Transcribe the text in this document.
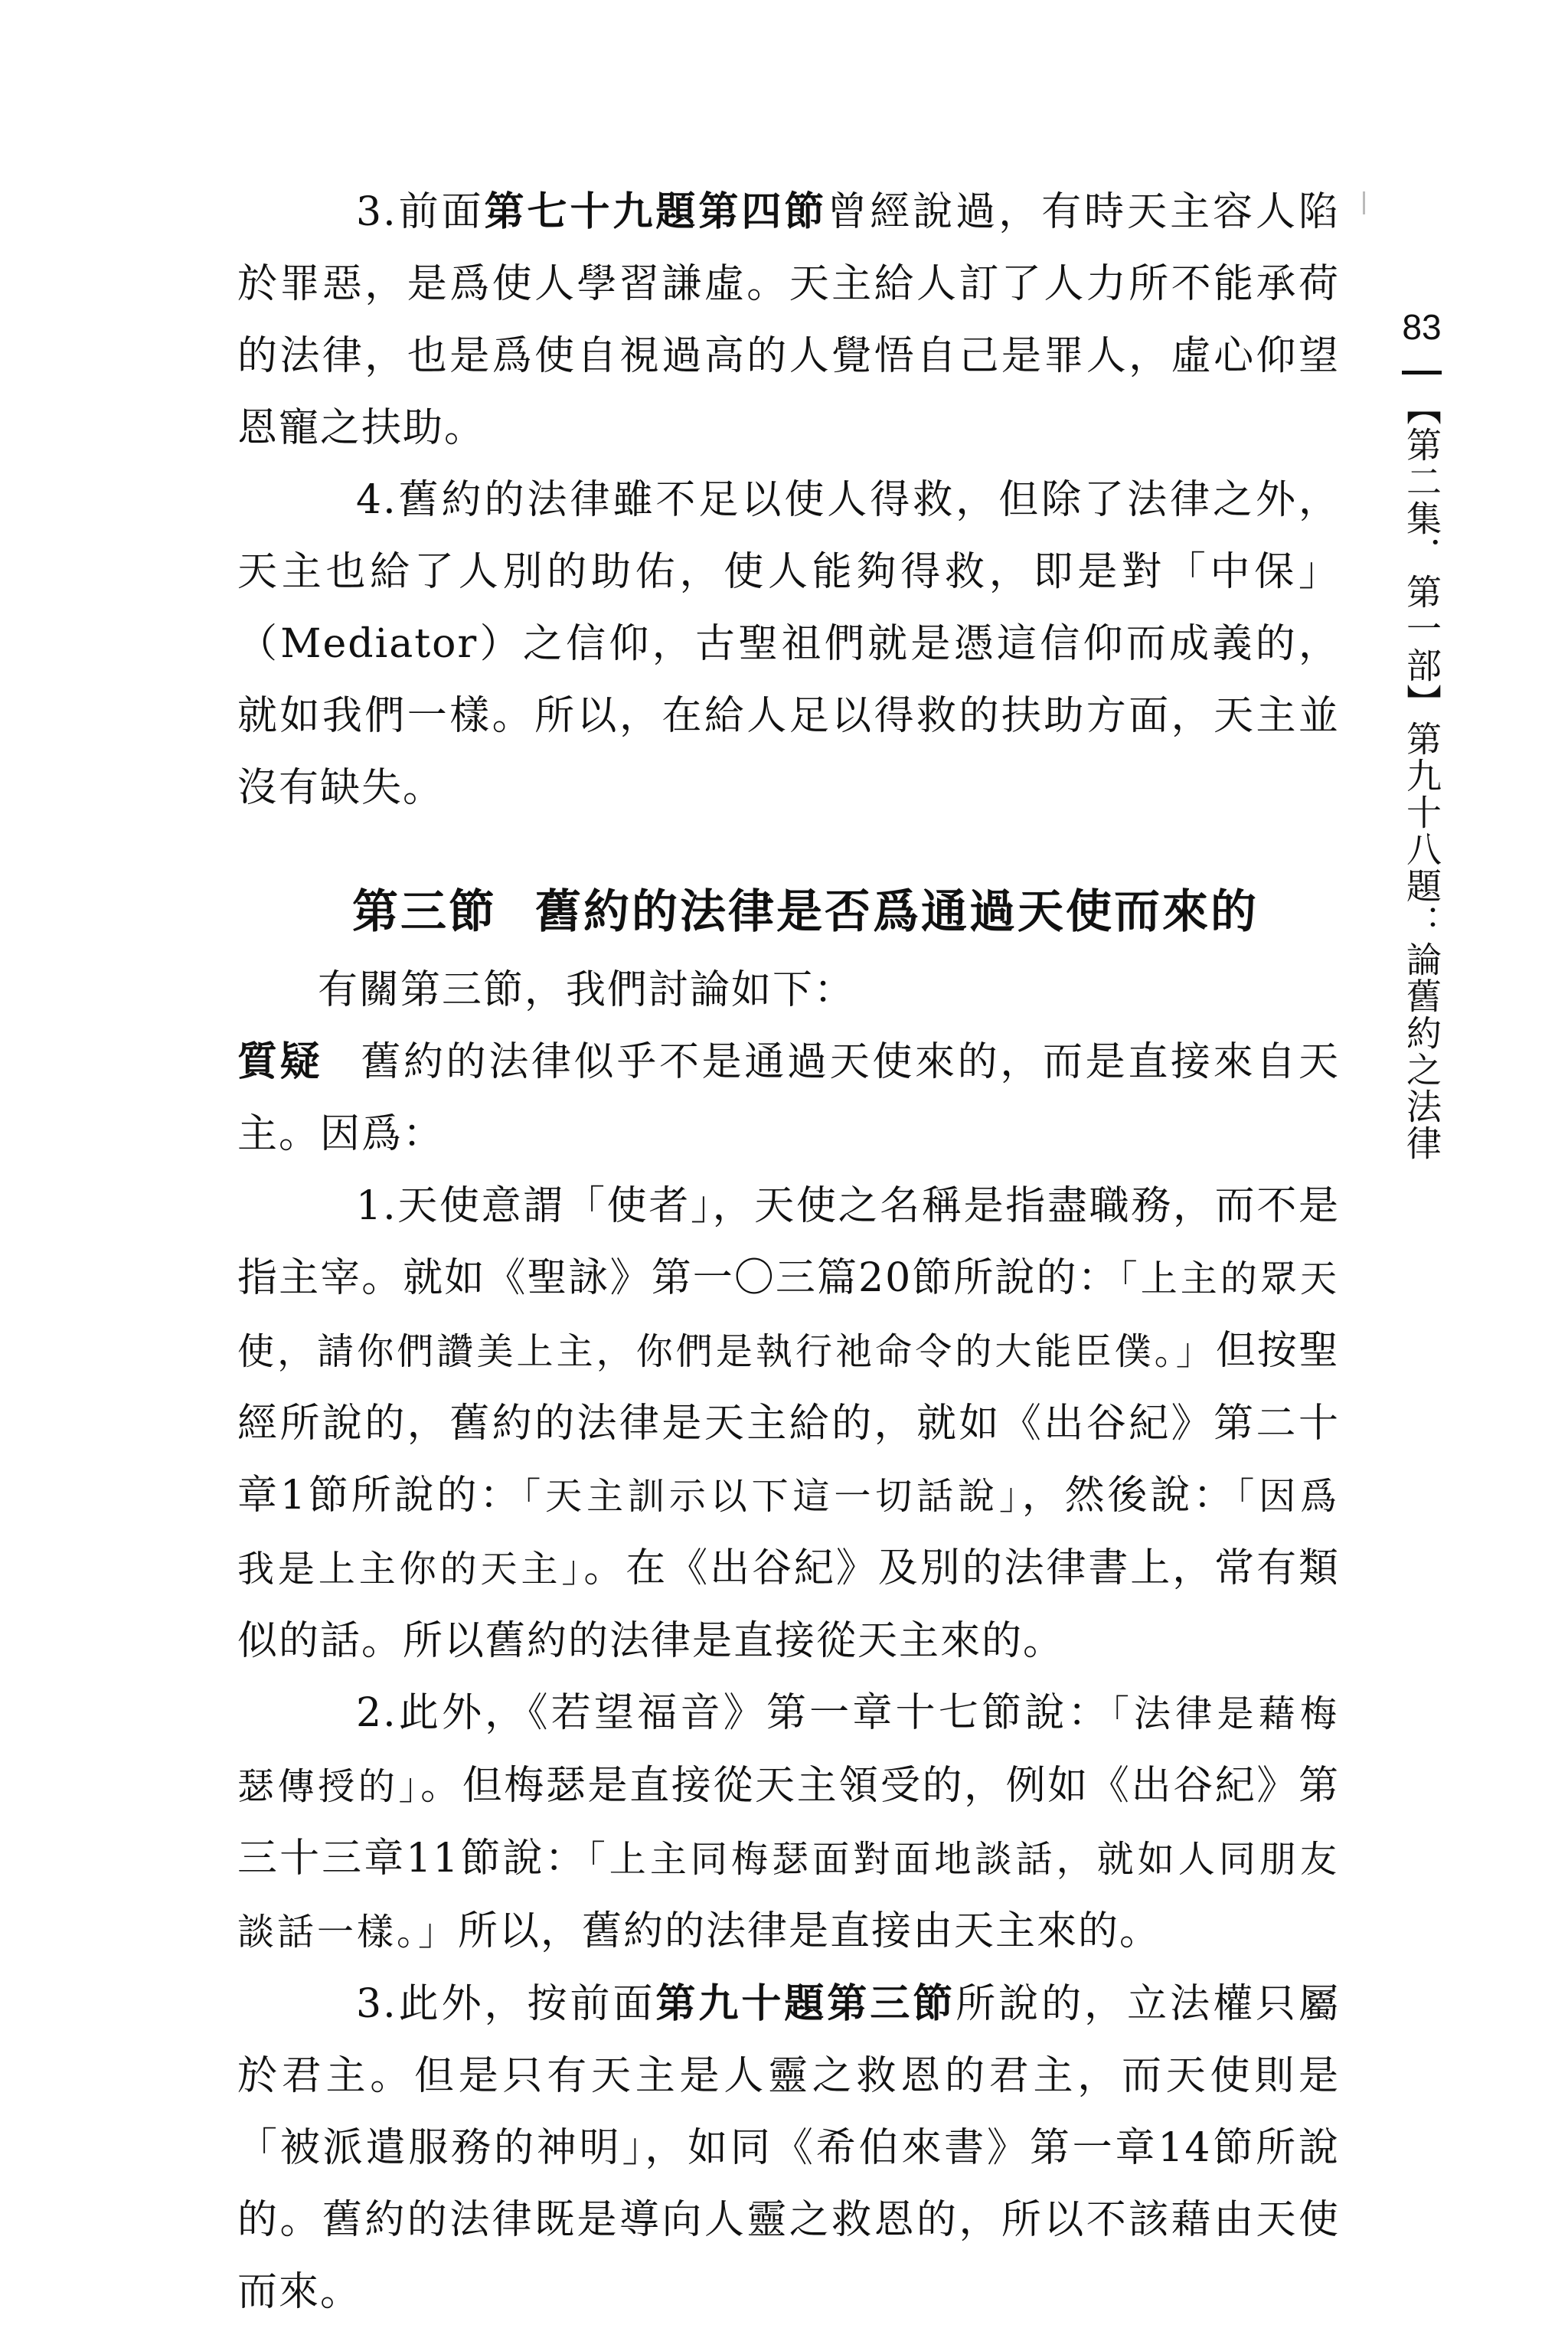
3.前面第七十九題第四節曾經說過，有時天主容人陷於罪惡，是爲使人學習謙虛。天主給人訂了人力所不能承荷的法律，也是爲使自視過高的人覺悟自己是罪人，虛心仰望恩寵之扶助。

4.舊約的法律雖不足以使人得救，但除了法律之外，天主也給了人別的助佑，使人能夠得救，即是對「中保」（Mediator）之信仰，古聖祖們就是憑這信仰而成義的，就如我們一樣。所以，在給人足以得救的扶助方面，天主並沒有缺失。

第三節 舊約的法律是否爲通過天使而來的

有關第三節，我們討論如下：

質疑 舊約的法律似乎不是通過天使來的，而是直接來自天主。因爲：

1.天使意謂「使者」，天使之名稱是指盡職務，而不是指主宰。就如《聖詠》第一〇三篇20節所說的：「上主的眾天使，請你們讚美上主，你們是執行祂命令的大能臣僕。」但按聖經所說的，舊約的法律是天主給的，就如《出谷紀》第二十章1節所說的：「天主訓示以下這一切話說」，然後說：「因爲我是上主你的天主」。在《出谷紀》及別的法律書上，常有類似的話。所以舊約的法律是直接從天主來的。

2.此外，《若望福音》第一章十七節說：「法律是藉梅瑟傳授的」。但梅瑟是直接從天主領受的，例如《出谷紀》第三十三章11節說：「上主同梅瑟面對面地談話，就如人同朋友談話一樣。」所以，舊約的法律是直接由天主來的。

3.此外，按前面第九十題第三節所說的，立法權只屬於君主。但是只有天主是人靈之救恩的君主，而天使則是「被派遣服務的神明」，如同《希伯來書》第一章14節所說的。舊約的法律既是導向人靈之救恩的，所以不該藉由天使而來。

83
【第二集．第一部】第九十八題：論舊約之法律
